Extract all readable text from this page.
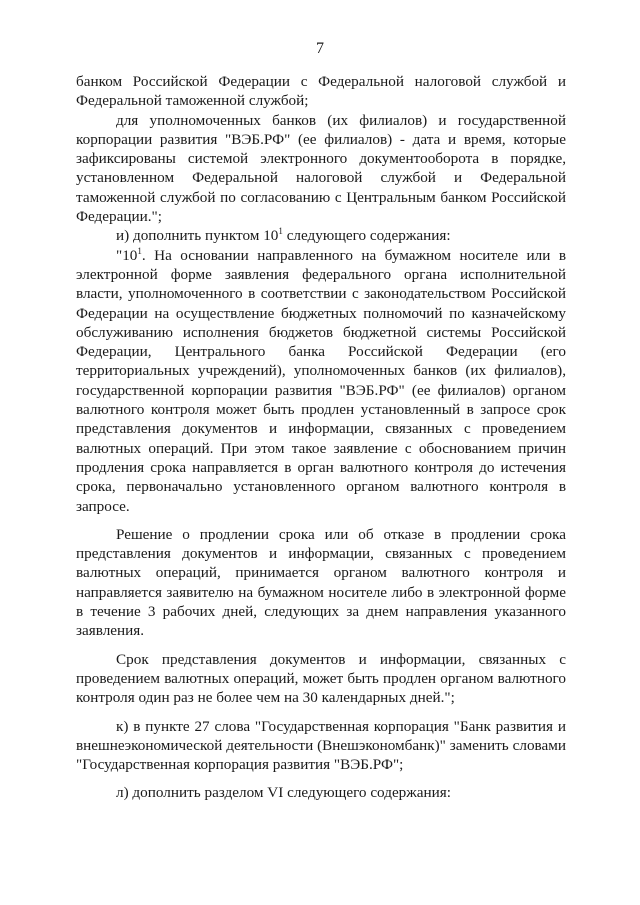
7

банком Российской Федерации с Федеральной налоговой службой и Федеральной таможенной службой;

для уполномоченных банков (их филиалов) и государственной корпорации развития "ВЭБ.РФ" (ее филиалов) - дата и время, которые зафиксированы системой электронного документооборота в порядке, установленном Федеральной налоговой службой и Федеральной таможенной службой по согласованию с Центральным банком Российской Федерации.";

и) дополнить пунктом $10^1$ следующего содержания:

"$10^1$. На основании направленного на бумажном носителе или в электронной форме заявления федерального органа исполнительной власти, уполномоченного в соответствии с законодательством Российской Федерации на осуществление бюджетных полномочий по казначейскому обслуживанию исполнения бюджетов бюджетной системы Российской Федерации, Центрального банка Российской Федерации (его территориальных учреждений), уполномоченных банков (их филиалов), государственной корпорации развития "ВЭБ.РФ" (ее филиалов) органом валютного контроля может быть продлен установленный в запросе срок представления документов и информации, связанных с проведением валютных операций. При этом такое заявление с обоснованием причин продления срока направляется в орган валютного контроля до истечения срока, первоначально установленного органом валютного контроля в запросе.

Решение о продлении срока или об отказе в продлении срока представления документов и информации, связанных с проведением валютных операций, принимается органом валютного контроля и направляется заявителю на бумажном носителе либо в электронной форме в течение 3 рабочих дней, следующих за днем направления указанного заявления.

Срок представления документов и информации, связанных с проведением валютных операций, может быть продлен органом валютного контроля один раз не более чем на 30 календарных дней.";

к) в пункте 27 слова "Государственная корпорация "Банк развития и внешнеэкономической деятельности (Внешэкономбанк)" заменить словами "Государственная корпорация развития "ВЭБ.РФ";

л) дополнить разделом VI следующего содержания:
